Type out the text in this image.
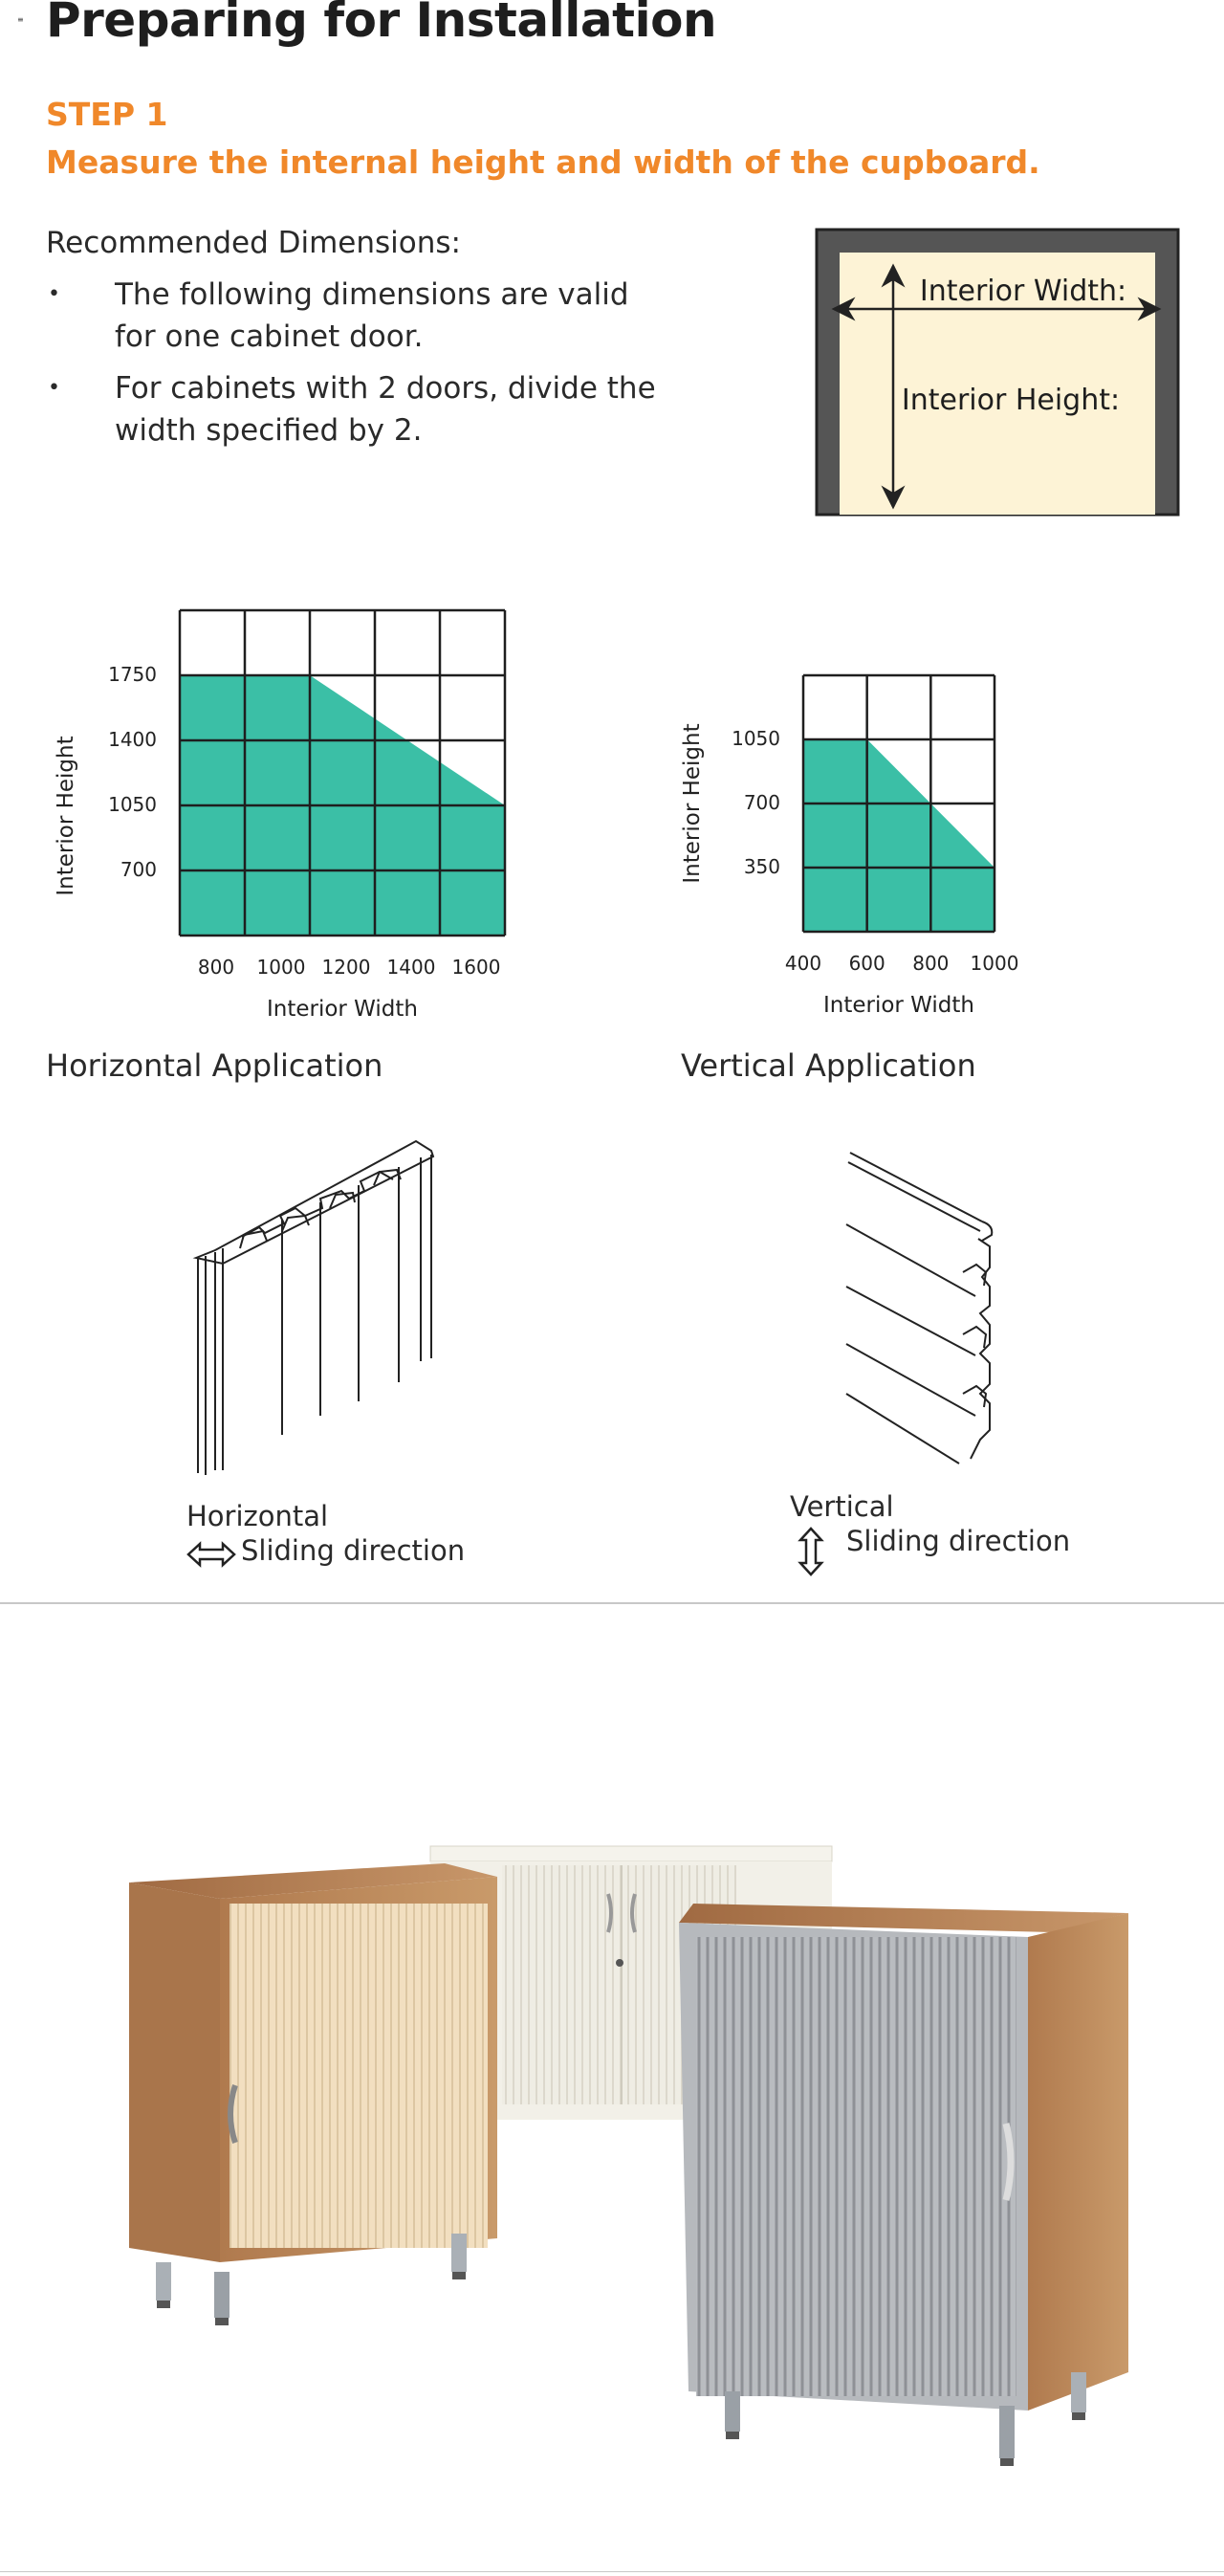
≡ Preparing for Installation
STEP 1
Measure the internal height and width of the cupboard.
Recommended Dimensions:
• The following dimensions are valid for one cabinet door.
• For cabinets with 2 doors, divide the width specified by 2.
Interior Width:
Interior Height:
1750
1400
1050
700
800 1000 1200 1400 1600
Interior Width
Interior Height	1050
700
350
400 600 800 1000
Interior Width
Interior Height
Horizontal Application	Vertical Application
Horizontal
Sliding direction
Vertical
Sliding direction
